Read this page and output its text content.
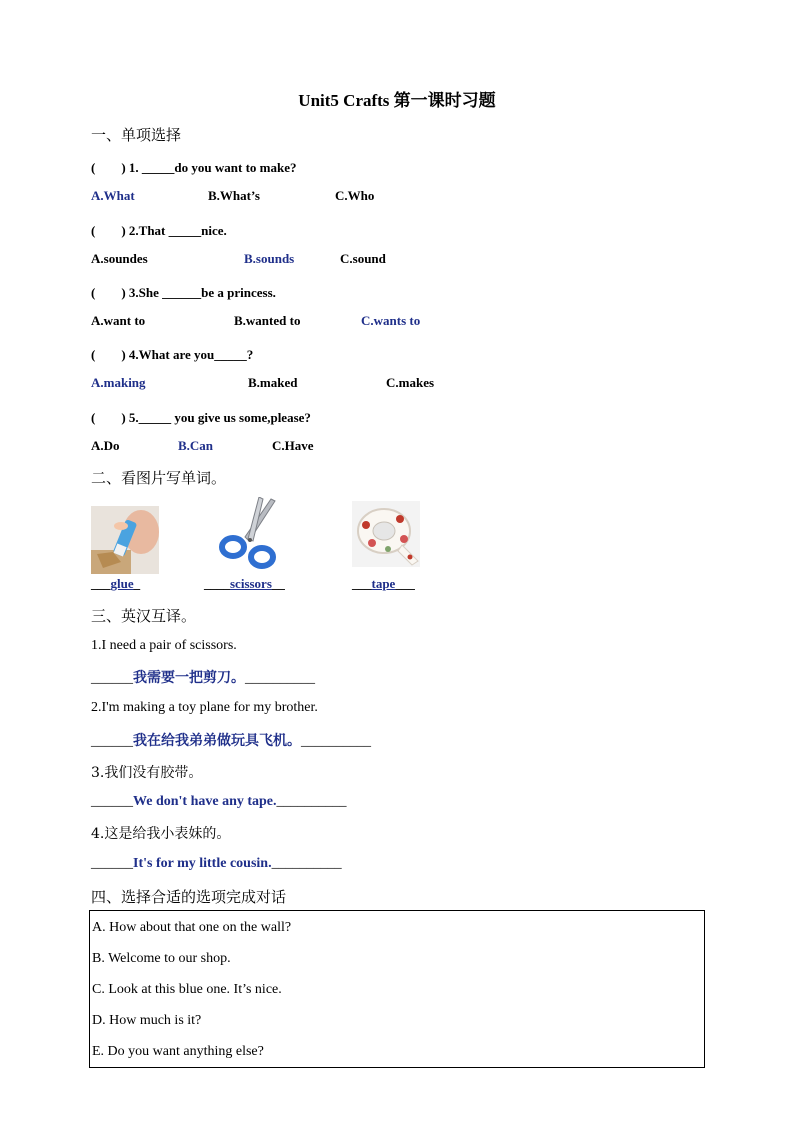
Unit5 Crafts 第一课时习题
一、单项选择
(　　) 1. _____do you want to make?
A.What	B.What’s	C.Who
(　　) 2.That _____nice.
A.soundes	B.sounds	C.sound
(　　) 3.She ______be a princess.
A.want to	B.wanted to	C.wants to
(　　) 4.What are you_____?
A.making	B.maked	C.makes
(　　) 5._____ you give us some,please?
A.Do	B.Can	C.Have
二、看图片写单词。
___glue_	____scissors__	___tape___
三、英汉互译。
1.I need a pair of scissors.
______我需要一把剪刀。__________
2.I'm making a toy plane for my brother.
______我在给我弟弟做玩具飞机。__________
3.我们没有胶带。
______We don't have any tape.__________
4.这是给我小表妹的。
______It's for my little cousin.__________
四、选择合适的选项完成对话
A. How about that one on the wall?
B. Welcome to our shop.
C. Look at this blue one. It’s nice.
D. How much is it?
E. Do you want anything else?
